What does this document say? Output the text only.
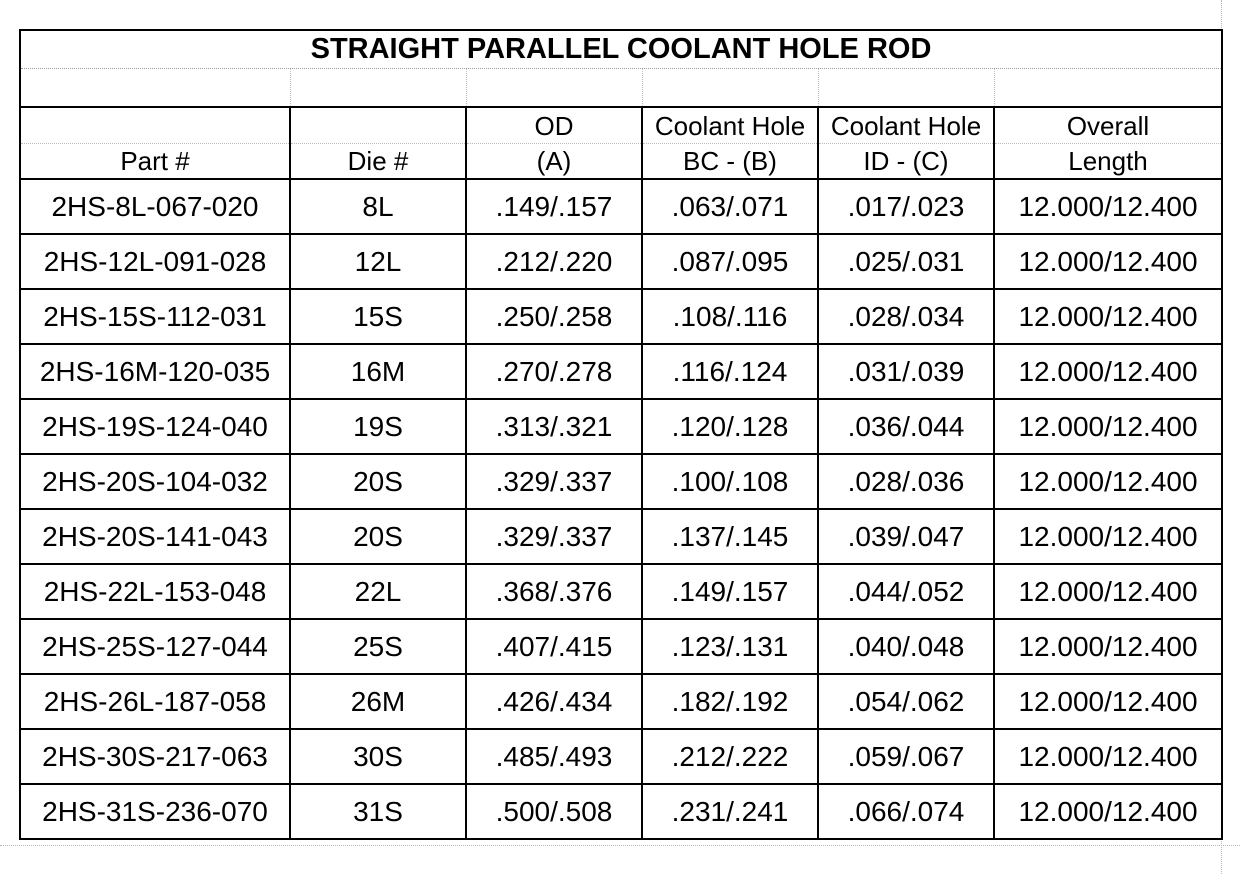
STRAIGHT PARALLEL COOLANT HOLE ROD					

		OD	Coolant Hole	Coolant Hole	Overall
Part #	Die #	(A)	BC - (B)	ID - (C)	Length
2HS-8L-067-020	8L	.149/.157	.063/.071	.017/.023	12.000/12.400
2HS-12L-091-028	12L	.212/.220	.087/.095	.025/.031	12.000/12.400
2HS-15S-112-031	15S	.250/.258	.108/.116	.028/.034	12.000/12.400
2HS-16M-120-035	16M	.270/.278	.116/.124	.031/.039	12.000/12.400
2HS-19S-124-040	19S	.313/.321	.120/.128	.036/.044	12.000/12.400
2HS-20S-104-032	20S	.329/.337	.100/.108	.028/.036	12.000/12.400
2HS-20S-141-043	20S	.329/.337	.137/.145	.039/.047	12.000/12.400
2HS-22L-153-048	22L	.368/.376	.149/.157	.044/.052	12.000/12.400
2HS-25S-127-044	25S	.407/.415	.123/.131	.040/.048	12.000/12.400
2HS-26L-187-058	26M	.426/.434	.182/.192	.054/.062	12.000/12.400
2HS-30S-217-063	30S	.485/.493	.212/.222	.059/.067	12.000/12.400
2HS-31S-236-070	31S	.500/.508	.231/.241	.066/.074	12.000/12.400
